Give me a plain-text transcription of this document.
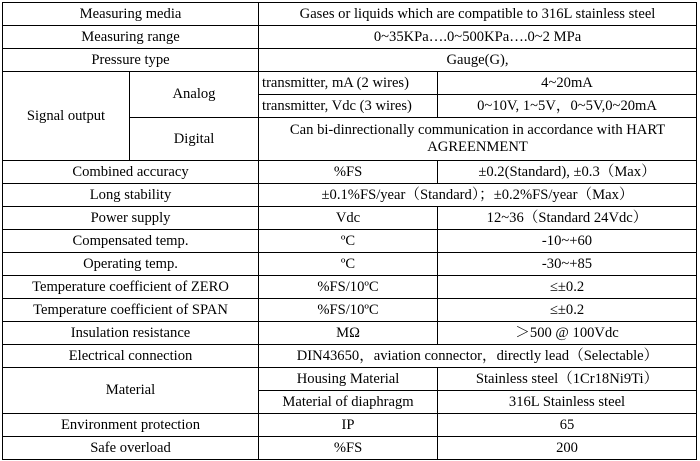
Measuring media		Gases or liquids which are compatible to 316L stainless steel	
Measuring range		0~35KPa….0~500KPa….0~2 MPa	
Pressure type		Gauge(G),	
Signal output	Analog	transmitter, mA (2 wires)	4~20mA
		transmitter, Vdc (3 wires)	0~10V, 1~5V，0~5V,0~20mA
	Digital	Can bi-dinrectionally communication in accordance with HART AGREENMENT	
Combined accuracy		%FS	±0.2(Standard), ±0.3（Max）
Long stability		±0.1%FS/year（Standard）；±0.2%FS/year（Max）	
Power supply		Vdc	12~36（Standard 24Vdc）
Compensated temp.		ºC	-10~+60
Operating temp.		ºC	-30~+85
Temperature coefficient of ZERO		%FS/10ºC	≤±0.2
Temperature coefficient of SPAN		%FS/10ºC	≤±0.2
Insulation resistance		MΩ	＞500 @ 100Vdc
Electrical connection		DIN43650，aviation connector，directly lead（Selectable）	
Material		Housing Material	Stainless steel（1Cr18Ni9Ti）
		Material of diaphragm	316L Stainless steel
Environment protection		IP	65
Safe overload		%FS	200
